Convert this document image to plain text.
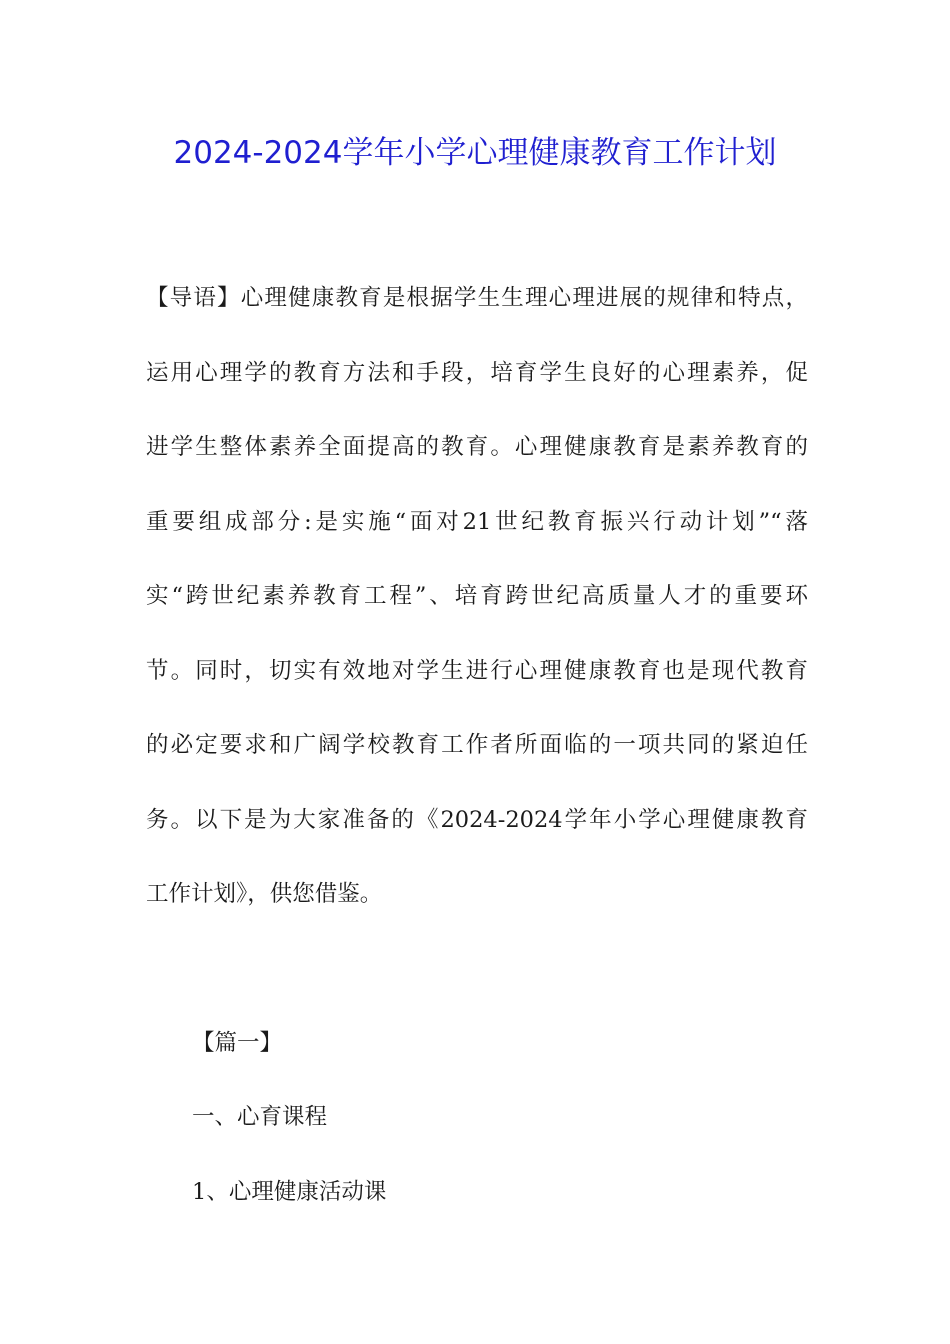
2024-2024学年小学心理健康教育工作计划
【导语】心理健康教育是根据学生生理心理进展的规律和特点，
运用心理学的教育方法和手段，培育学生良好的心理素养，促
进学生整体素养全面提高的教育。心理健康教育是素养教育的
重要组成部分:是实施“面对21世纪教育振兴行动计划”“落
实“跨世纪素养教育工程”、培育跨世纪高质量人才的重要环
节。同时，切实有效地对学生进行心理健康教育也是现代教育
的必定要求和广阔学校教育工作者所面临的一项共同的紧迫任
务。以下是为大家准备的《2024-2024学年小学心理健康教育
工作计划》，供您借鉴。
【篇一】
一、心育课程
1、心理健康活动课
